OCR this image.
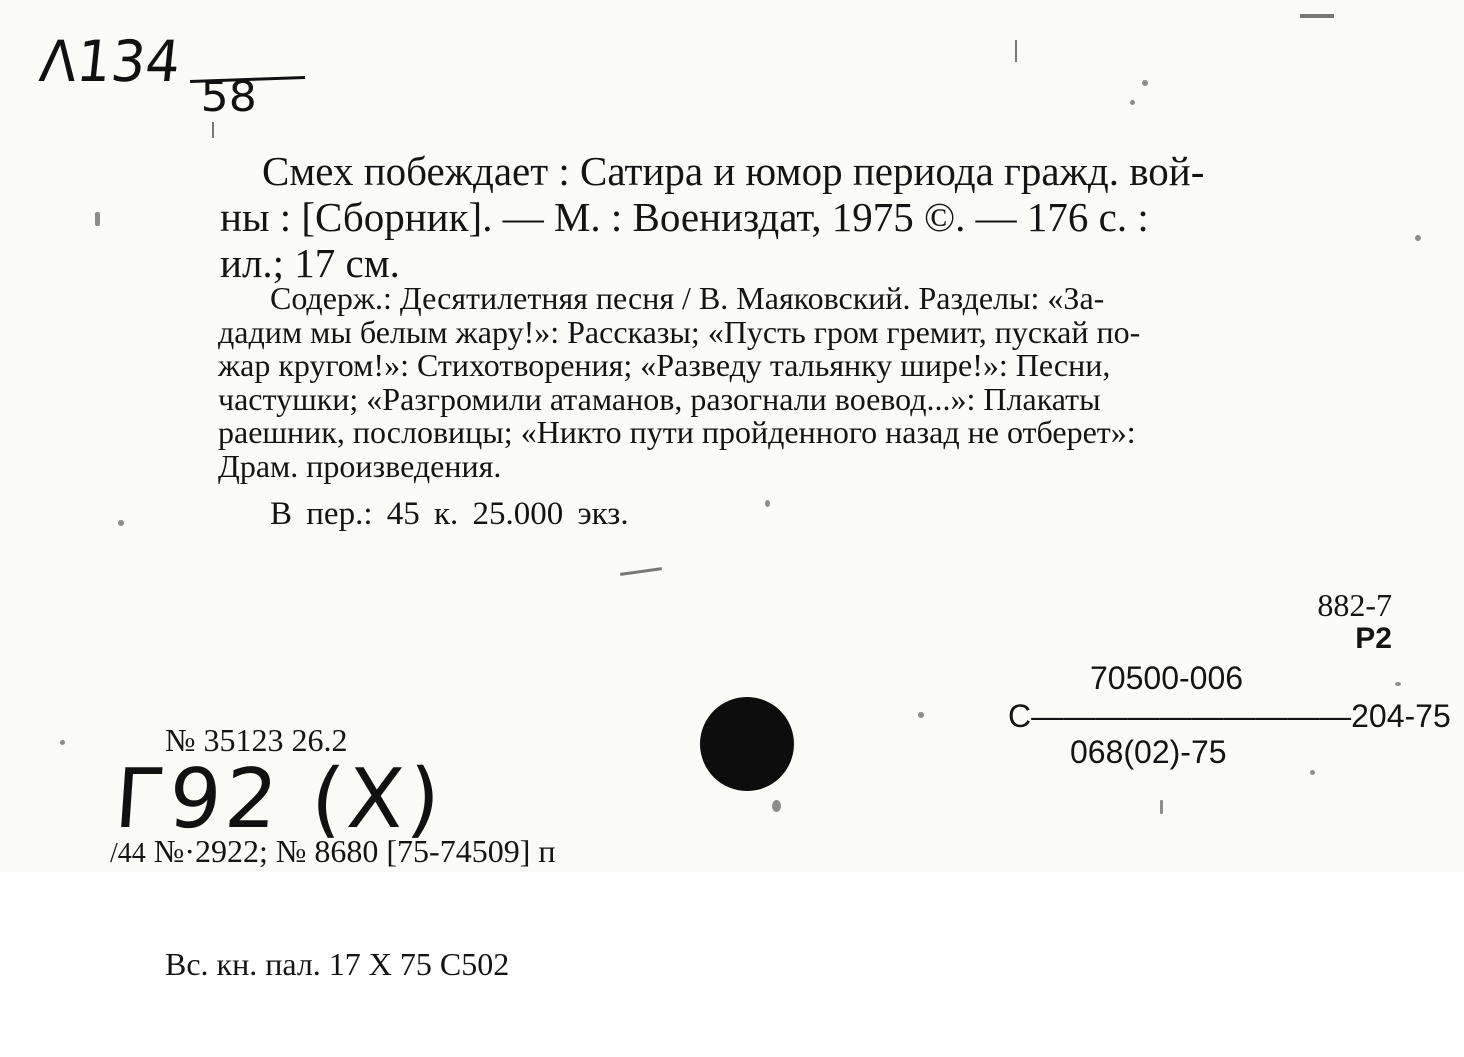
Λ134
58
Смех побеждает : Сатира и юмор периода гражд. вой-
ны : [Сборник]. — М. : Воениздат, 1975 ©. — 176 с. :
ил.; 17 см.
Содерж.: Десятилетняя песня / В. Маяковский. Разделы: «За-
дадим мы белым жару!»: Рассказы; «Пусть гром гремит, пускай по-
жар кругом!»: Стихотворения; «Разведу тальянку шире!»: Песни,
частушки; «Разгромили атаманов, разогнали воевод...»: Плакаты
раешник, пословицы; «Никто пути пройденного назад не отберет»:
Драм. произведения.
В пер.: 45 к. 25.000 экз.
882-7
Р2

№ 35123 26.2

/44 №·2922; № 8680 [75-74509] п

Вс. кн. пал. 17 Х 75 С502

70500-006
С——————————204-75
068(02)-75
Г92 (Х)
